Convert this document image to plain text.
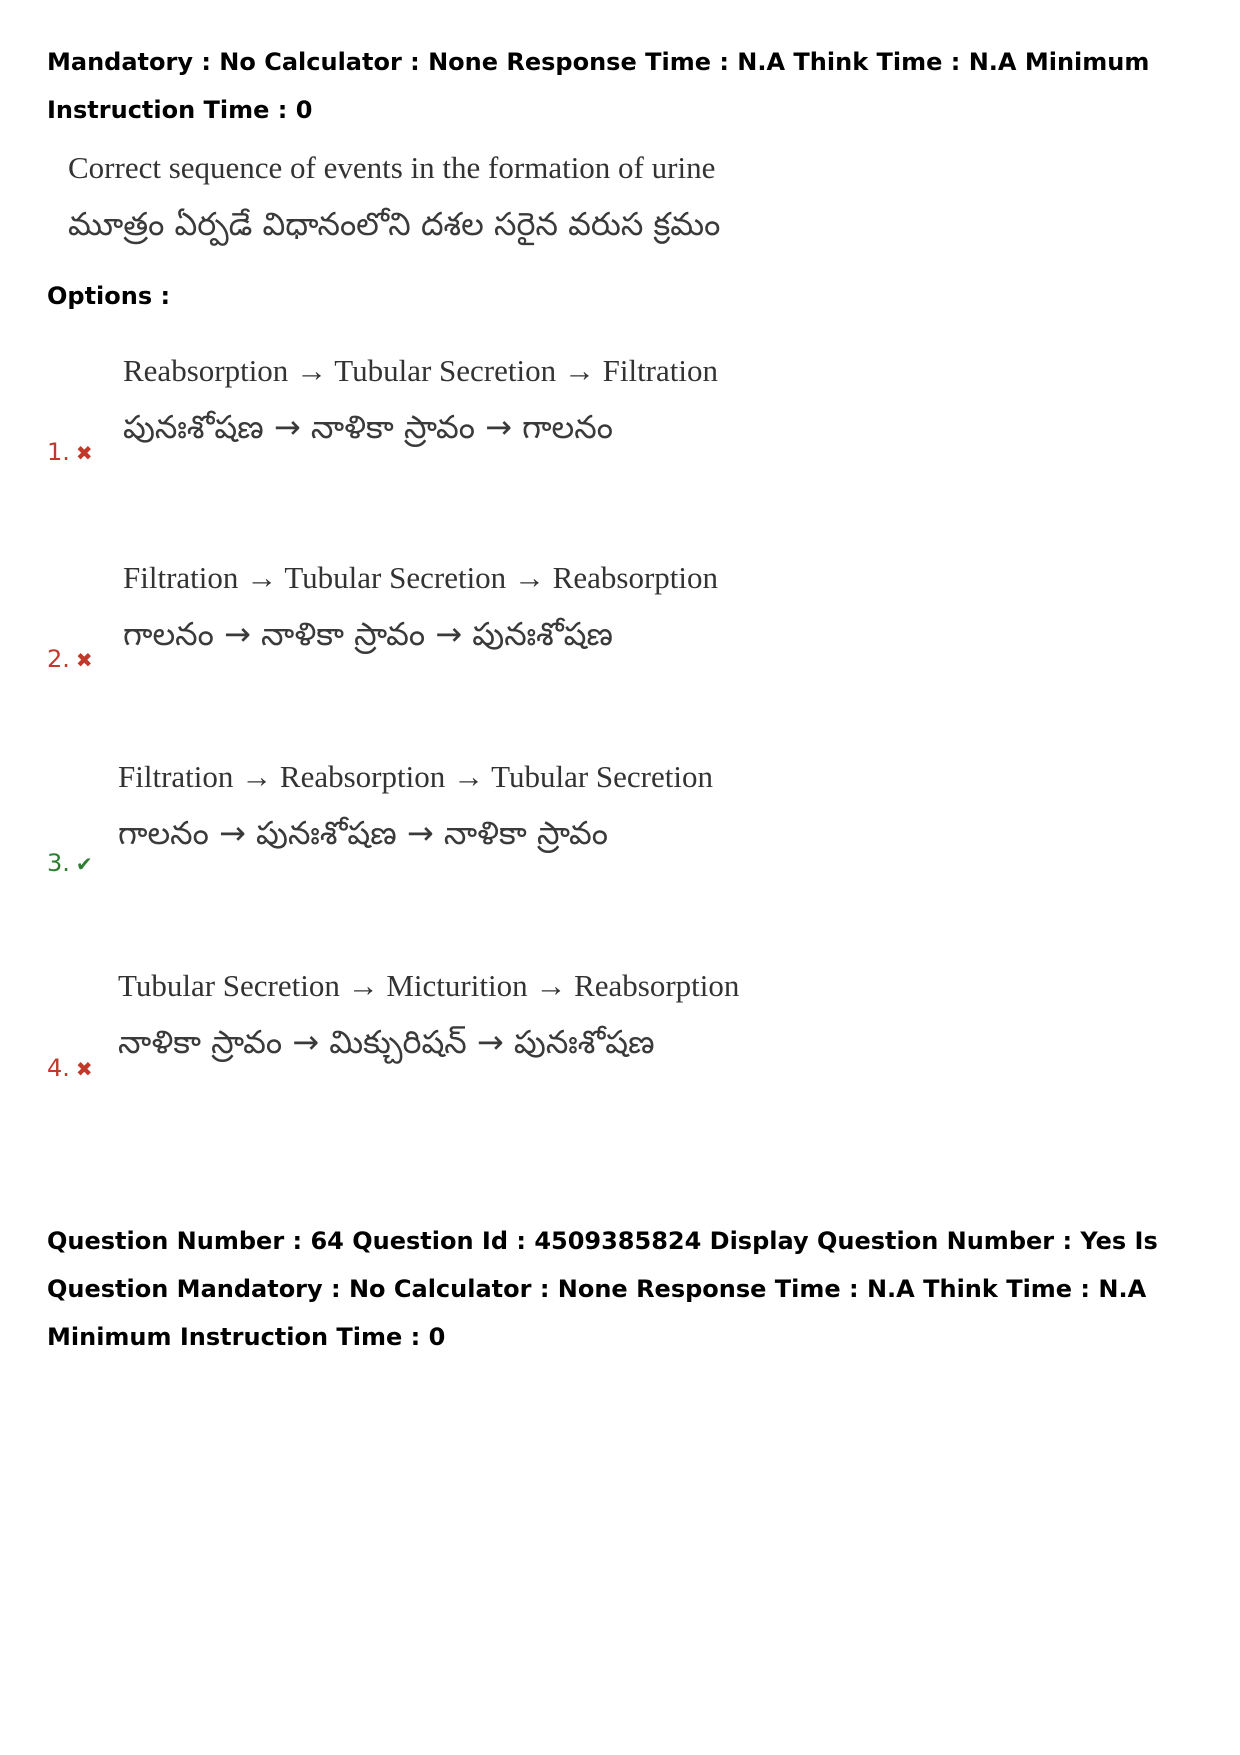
Mandatory : No Calculator : None Response Time : N.A Think Time : N.A Minimum Instruction Time : 0
Correct sequence of events in the formation of urine
మూత్రం ఏర్పడే విధానంలోని దశల సరైన వరుస క్రమం
Options :
Reabsorption → Tubular Secretion → Filtration
పునఃశోషణ → నాళికా స్రావం → గాలనం
1. ✖
Filtration → Tubular Secretion → Reabsorption
గాలనం → నాళికా స్రావం → పునఃశోషణ
2. ✖
Filtration → Reabsorption → Tubular Secretion
గాలనం → పునఃశోషణ → నాళికా స్రావం
3. ✔
Tubular Secretion → Micturition → Reabsorption
నాళికా స్రావం → మిక్చురిషన్ → పునఃశోషణ
4. ✖
Question Number : 64 Question Id : 4509385824 Display Question Number : Yes Is Question Mandatory : No Calculator : None Response Time : N.A Think Time : N.A Minimum Instruction Time : 0
